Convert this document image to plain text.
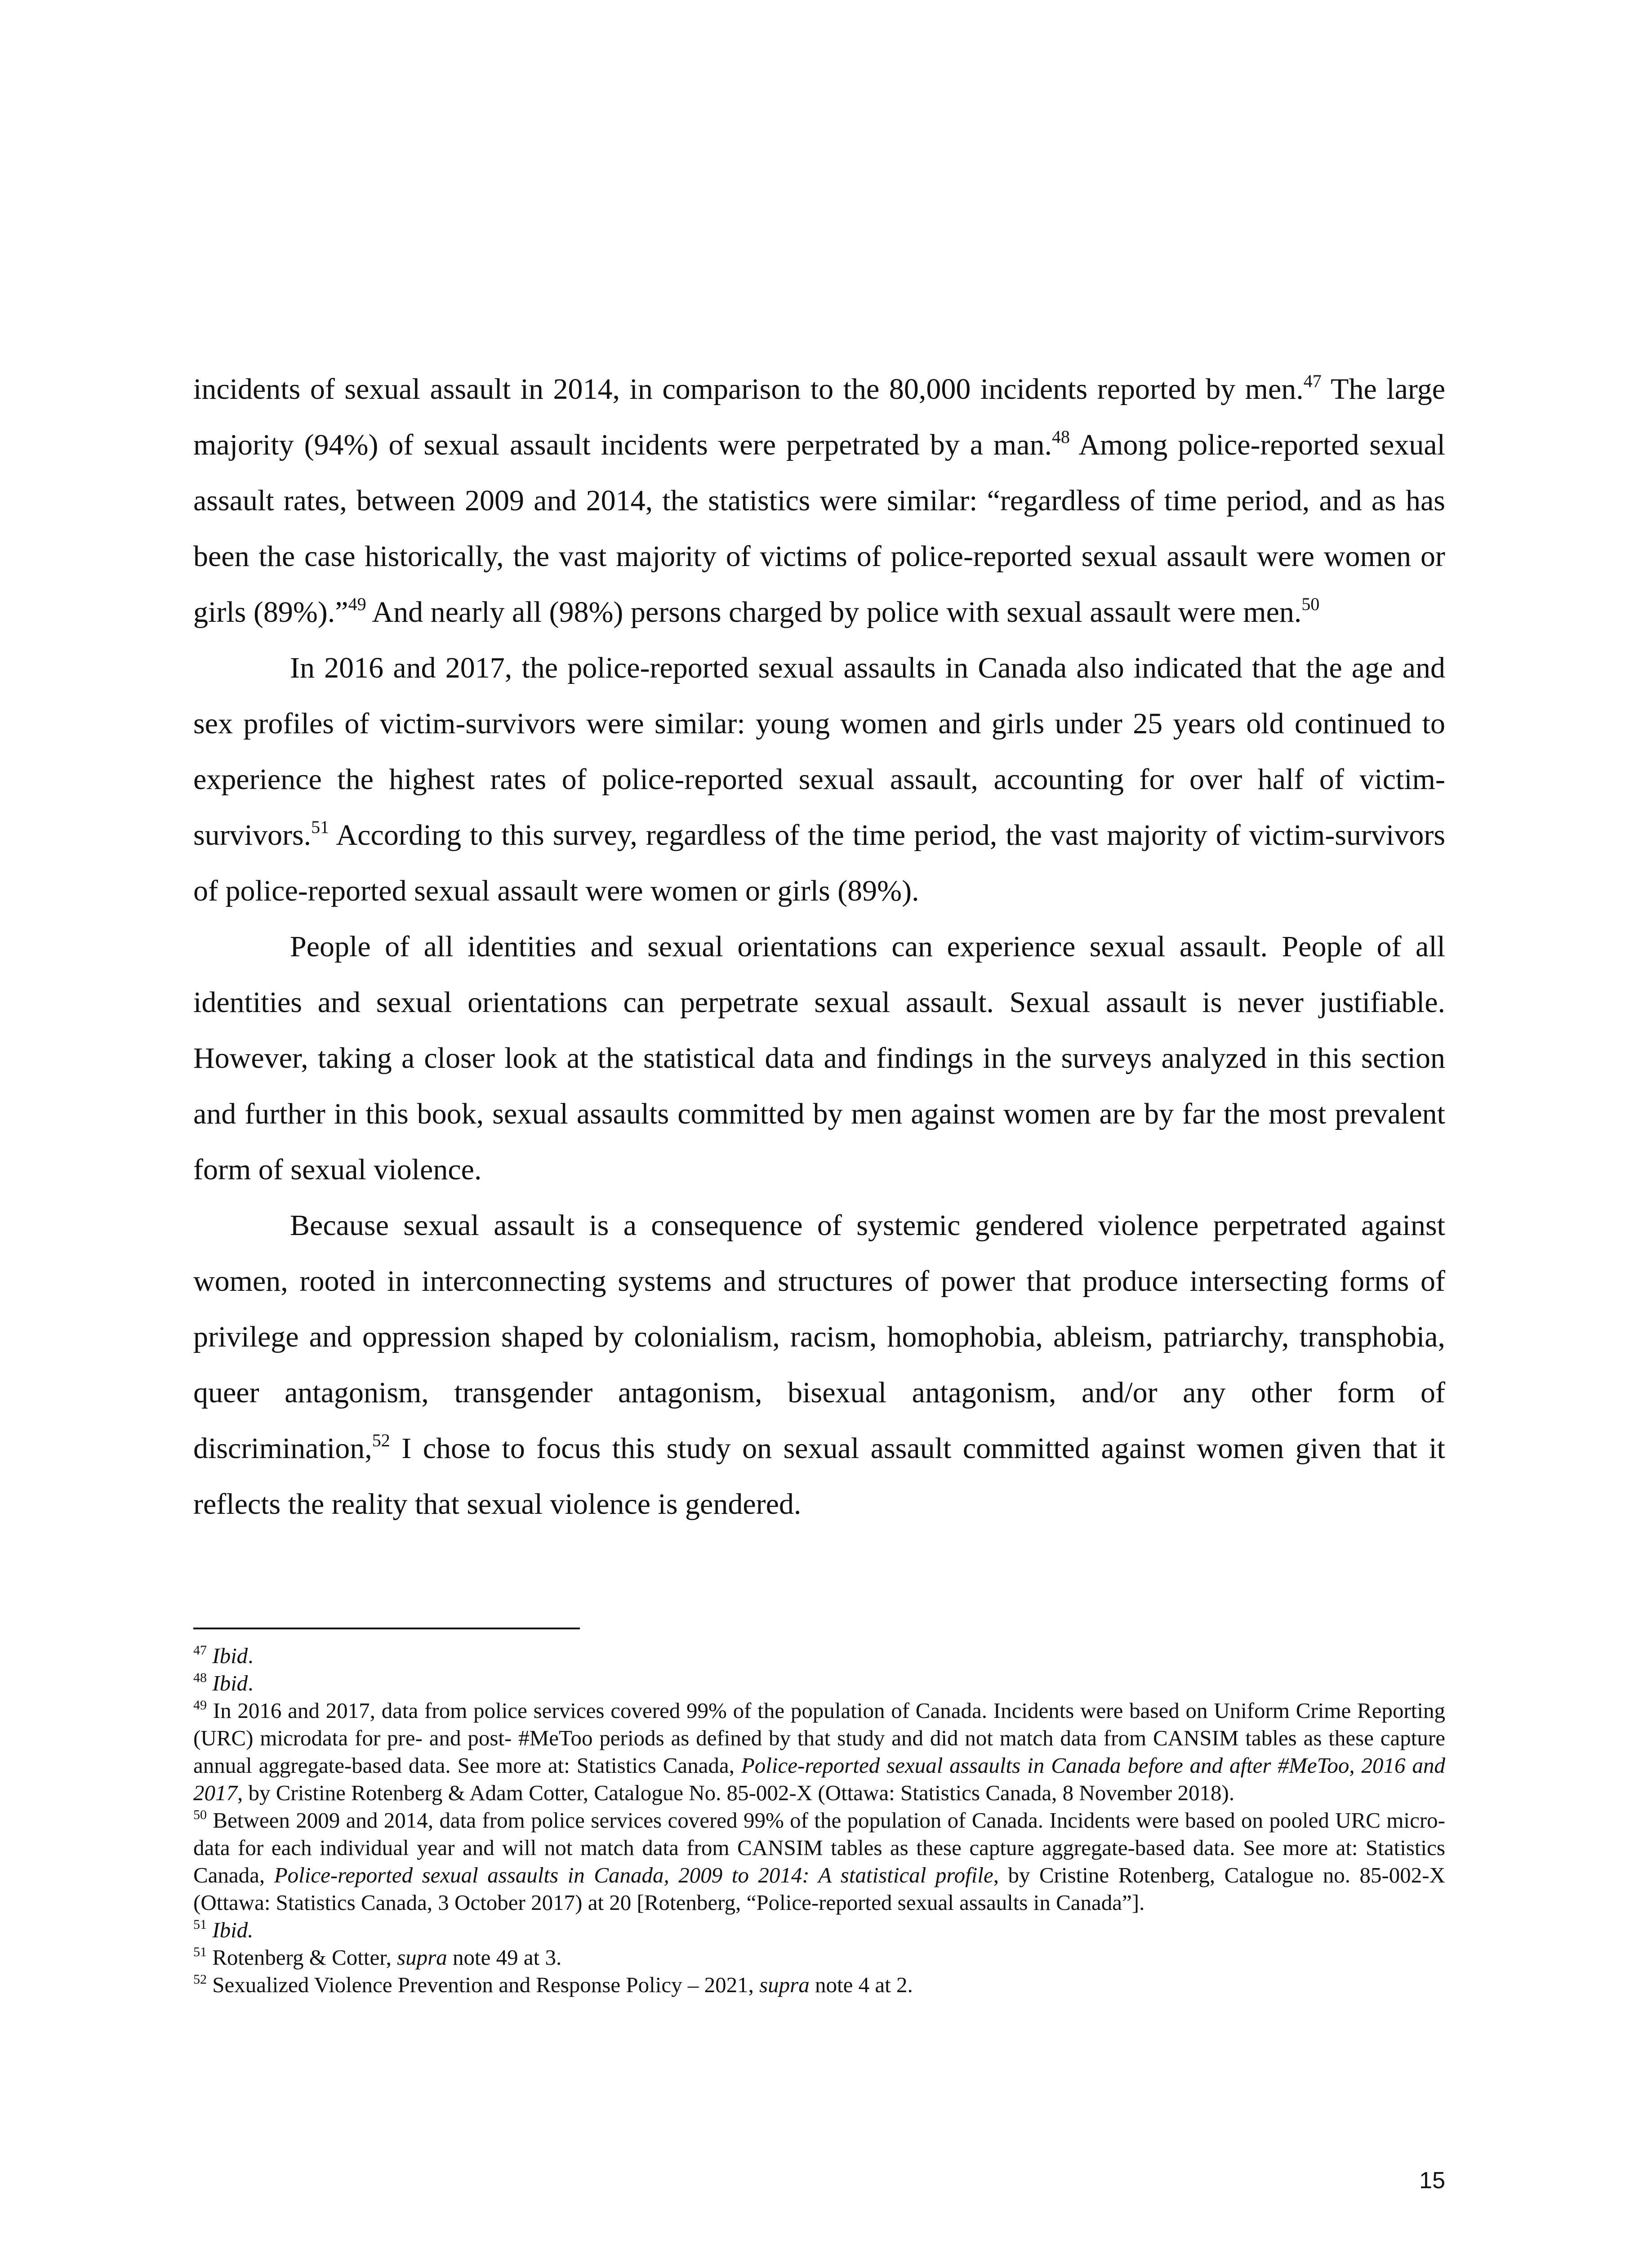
incidents of sexual assault in 2014, in comparison to the 80,000 incidents reported by men.$^{47}$ The large majority (94%) of sexual assault incidents were perpetrated by a man.$^{48}$ Among police-reported sexual assault rates, between 2009 and 2014, the statistics were similar: “regardless of time period, and as has been the case historically, the vast majority of victims of police-reported sexual assault were women or girls (89%).”$^{49}$ And nearly all (98%) persons charged by police with sexual assault were men.$^{50}$

In 2016 and 2017, the police-reported sexual assaults in Canada also indicated that the age and sex profiles of victim-survivors were similar: young women and girls under 25 years old continued to experience the highest rates of police-reported sexual assault, accounting for over half of victim-survivors.$^{51}$ According to this survey, regardless of the time period, the vast majority of victim-survivors of police-reported sexual assault were women or girls (89%).

People of all identities and sexual orientations can experience sexual assault. People of all identities and sexual orientations can perpetrate sexual assault. Sexual assault is never justifiable. However, taking a closer look at the statistical data and findings in the surveys analyzed in this section and further in this book, sexual assaults committed by men against women are by far the most prevalent form of sexual violence.

Because sexual assault is a consequence of systemic gendered violence perpetrated against women, rooted in interconnecting systems and structures of power that produce intersecting forms of privilege and oppression shaped by colonialism, racism, homophobia, ableism, patriarchy, transphobia, queer antagonism, transgender antagonism, bisexual antagonism, and/or any other form of discrimination,$^{52}$ I chose to focus this study on sexual assault committed against women given that it reflects the reality that sexual violence is gendered.

$^{47}$ Ibid.

$^{48}$ Ibid.

$^{49}$ In 2016 and 2017, data from police services covered 99% of the population of Canada. Incidents were based on Uniform Crime Reporting (URC) microdata for pre- and post- #MeToo periods as defined by that study and did not match data from CANSIM tables as these capture annual aggregate-based data. See more at: Statistics Canada, Police-reported sexual assaults in Canada before and after #MeToo, 2016 and 2017, by Cristine Rotenberg & Adam Cotter, Catalogue No. 85-002-X (Ottawa: Statistics Canada, 8 November 2018).

$^{50}$ Between 2009 and 2014, data from police services covered 99% of the population of Canada. Incidents were based on pooled URC micro-data for each individual year and will not match data from CANSIM tables as these capture aggregate-based data. See more at: Statistics Canada, Police-reported sexual assaults in Canada, 2009 to 2014: A statistical profile, by Cristine Rotenberg, Catalogue no. 85-002-X (Ottawa: Statistics Canada, 3 October 2017) at 20 [Rotenberg, “Police-reported sexual assaults in Canada”].

$^{51}$ Ibid.

$^{51}$ Rotenberg & Cotter, supra note 49 at 3.

$^{52}$ Sexualized Violence Prevention and Response Policy – 2021, supra note 4 at 2.

15
